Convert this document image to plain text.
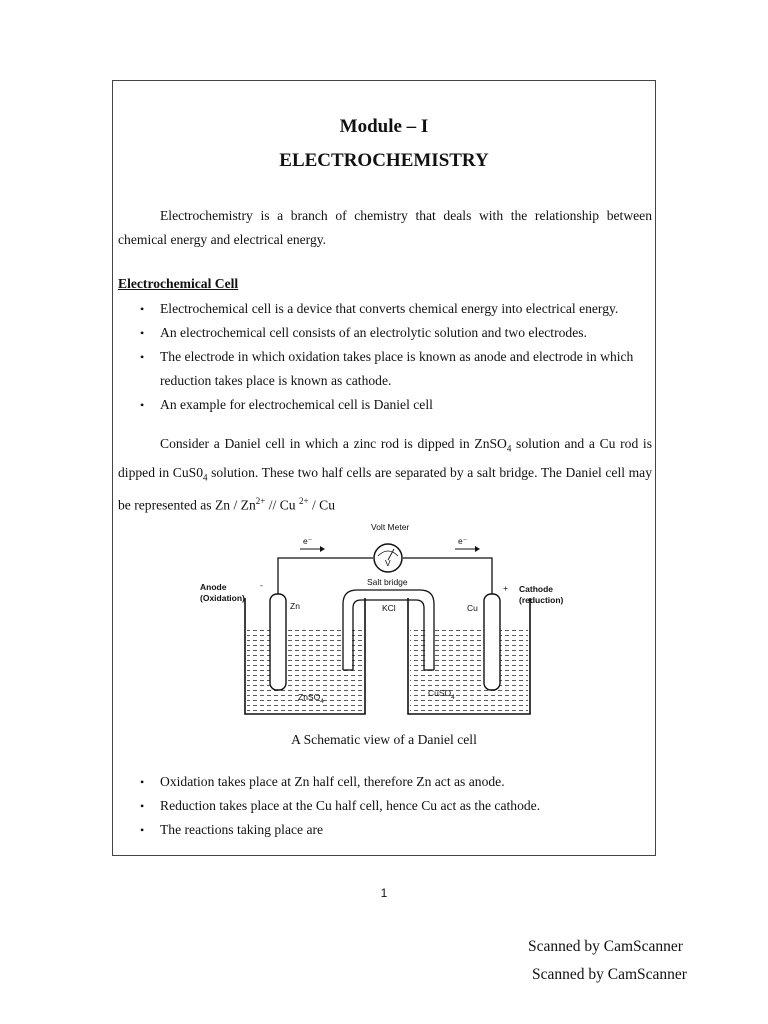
Module – I
ELECTROCHEMISTRY

Electrochemistry is a branch of chemistry that deals with the relationship between chemical energy and electrical energy.

Electrochemical Cell

• Electrochemical cell is a device that converts chemical energy into electrical energy.
• An electrochemical cell consists of an electrolytic solution and two electrodes.
• The electrode in which oxidation takes place is known as anode and electrode in which reduction takes place is known as cathode.
• An example for electrochemical cell is Daniel cell

Consider a Daniel cell in which a zinc rod is dipped in ZnSO$_4$ solution and a Cu rod is dipped in $CuS0_4$ solution. These two half cells are separated by a salt bridge. The Daniel cell may be represented as Zn / $Zn^{2+}$ // Cu $^{2+}$ / Cu

Volt Meter
V
e⁻	e⁻
Anode
(Oxidation)
-
Zn
Salt bridge
KCl	Cu
+ Cathode
(reduction)
ZnSO$_4$
CuSO$_4$

A Schematic view of a Daniel cell

• Oxidation takes place at Zn half cell, therefore Zn act as anode.
• Reduction takes place at the Cu half cell, hence Cu act as the cathode.
• The reactions taking place are

1

Scanned by CamScanner

Scanned by CamScanner
